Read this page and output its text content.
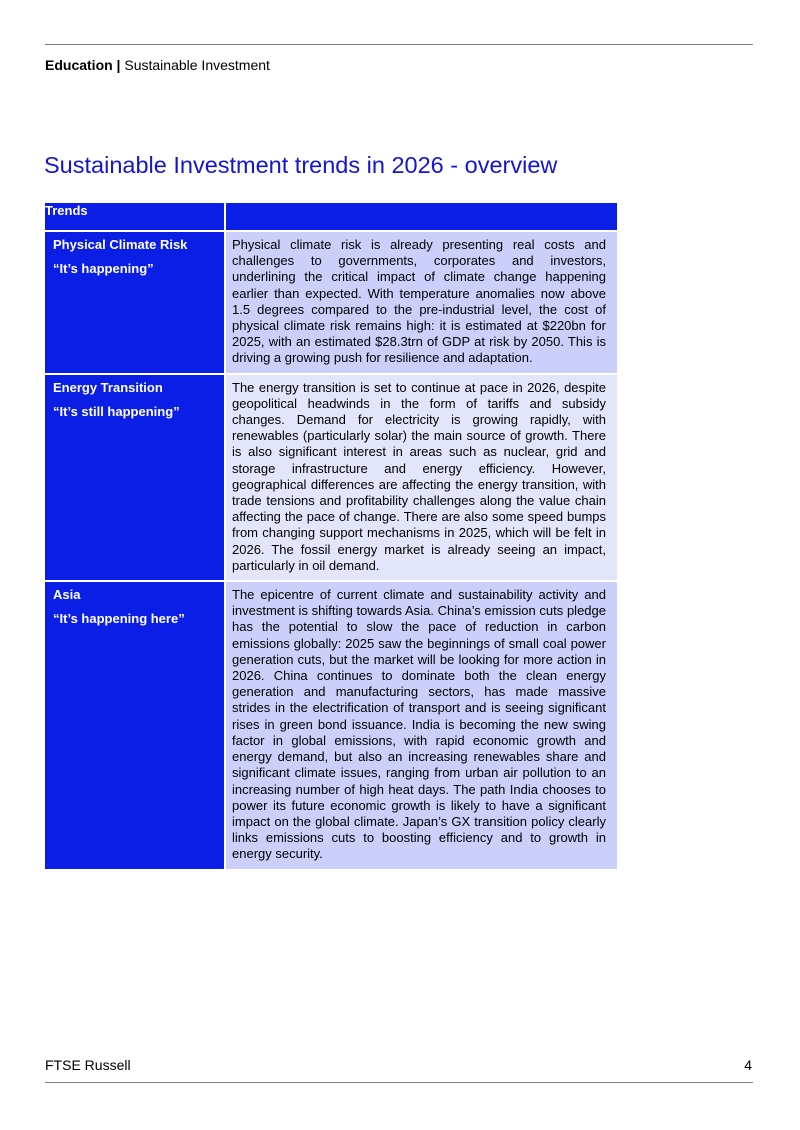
Education | Sustainable Investment
Sustainable Investment trends in 2026 - overview
Trends	
Physical Climate Risk
“It’s happening”	Physical climate risk is already presenting real costs and challenges to governments, corporates and investors, underlining the critical impact of climate change happening earlier than expected. With temperature anomalies now above 1.5 degrees compared to the pre-industrial level, the cost of physical climate risk remains high: it is estimated at $220bn for 2025, with an estimated $28.3trn of GDP at risk by 2050. This is driving a growing push for resilience and adaptation.
Energy Transition
“It’s still happening”	The energy transition is set to continue at pace in 2026, despite geopolitical headwinds in the form of tariffs and subsidy changes. Demand for electricity is growing rapidly, with renewables (particularly solar) the main source of growth. There is also significant interest in areas such as nuclear, grid and storage infrastructure and energy efficiency. However, geographical differences are affecting the energy transition, with trade tensions and profitability challenges along the value chain affecting the pace of change. There are also some speed bumps from changing support mechanisms in 2025, which will be felt in 2026. The fossil energy market is already seeing an impact, particularly in oil demand.
Asia
“It’s happening here”	The epicentre of current climate and sustainability activity and investment is shifting towards Asia. China’s emission cuts pledge has the potential to slow the pace of reduction in carbon emissions globally: 2025 saw the beginnings of small coal power generation cuts, but the market will be looking for more action in 2026. China continues to dominate both the clean energy generation and manufacturing sectors, has made massive strides in the electrification of transport and is seeing significant rises in green bond issuance. India is becoming the new swing factor in global emissions, with rapid economic growth and energy demand, but also an increasing renewables share and significant climate issues, ranging from urban air pollution to an increasing number of high heat days. The path India chooses to power its future economic growth is likely to have a significant impact on the global climate. Japan’s GX transition policy clearly links emissions cuts to boosting efficiency and to growth in energy security.
FTSE Russell	4
